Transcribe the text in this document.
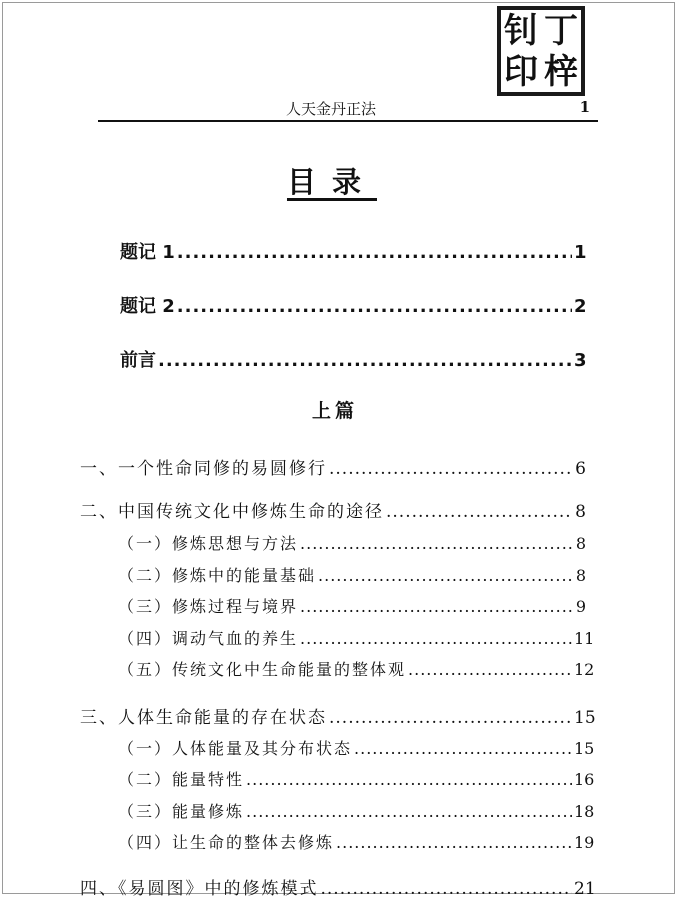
钊 丁
印 梓
人天金丹正法	1
目录
题记 1 .....	1
题记 2 .....	2
前言 .....	3
上篇
一、一个性命同修的易圆修行 .....	6
二、中国传统文化中修炼生命的途径 .....	8
（一）修炼思想与方法 .....	8
（二）修炼中的能量基础 .....	8
（三）修炼过程与境界 .....	9
（四）调动气血的养生 .....	11
（五）传统文化中生命能量的整体观 .....	12
三、人体生命能量的存在状态 .....	15
（一）人体能量及其分布状态 .....	15
（二）能量特性 .....	16
（三）能量修炼 .....	18
（四）让生命的整体去修炼 .....	19
四、《易圆图》中的修炼模式 .....	21
